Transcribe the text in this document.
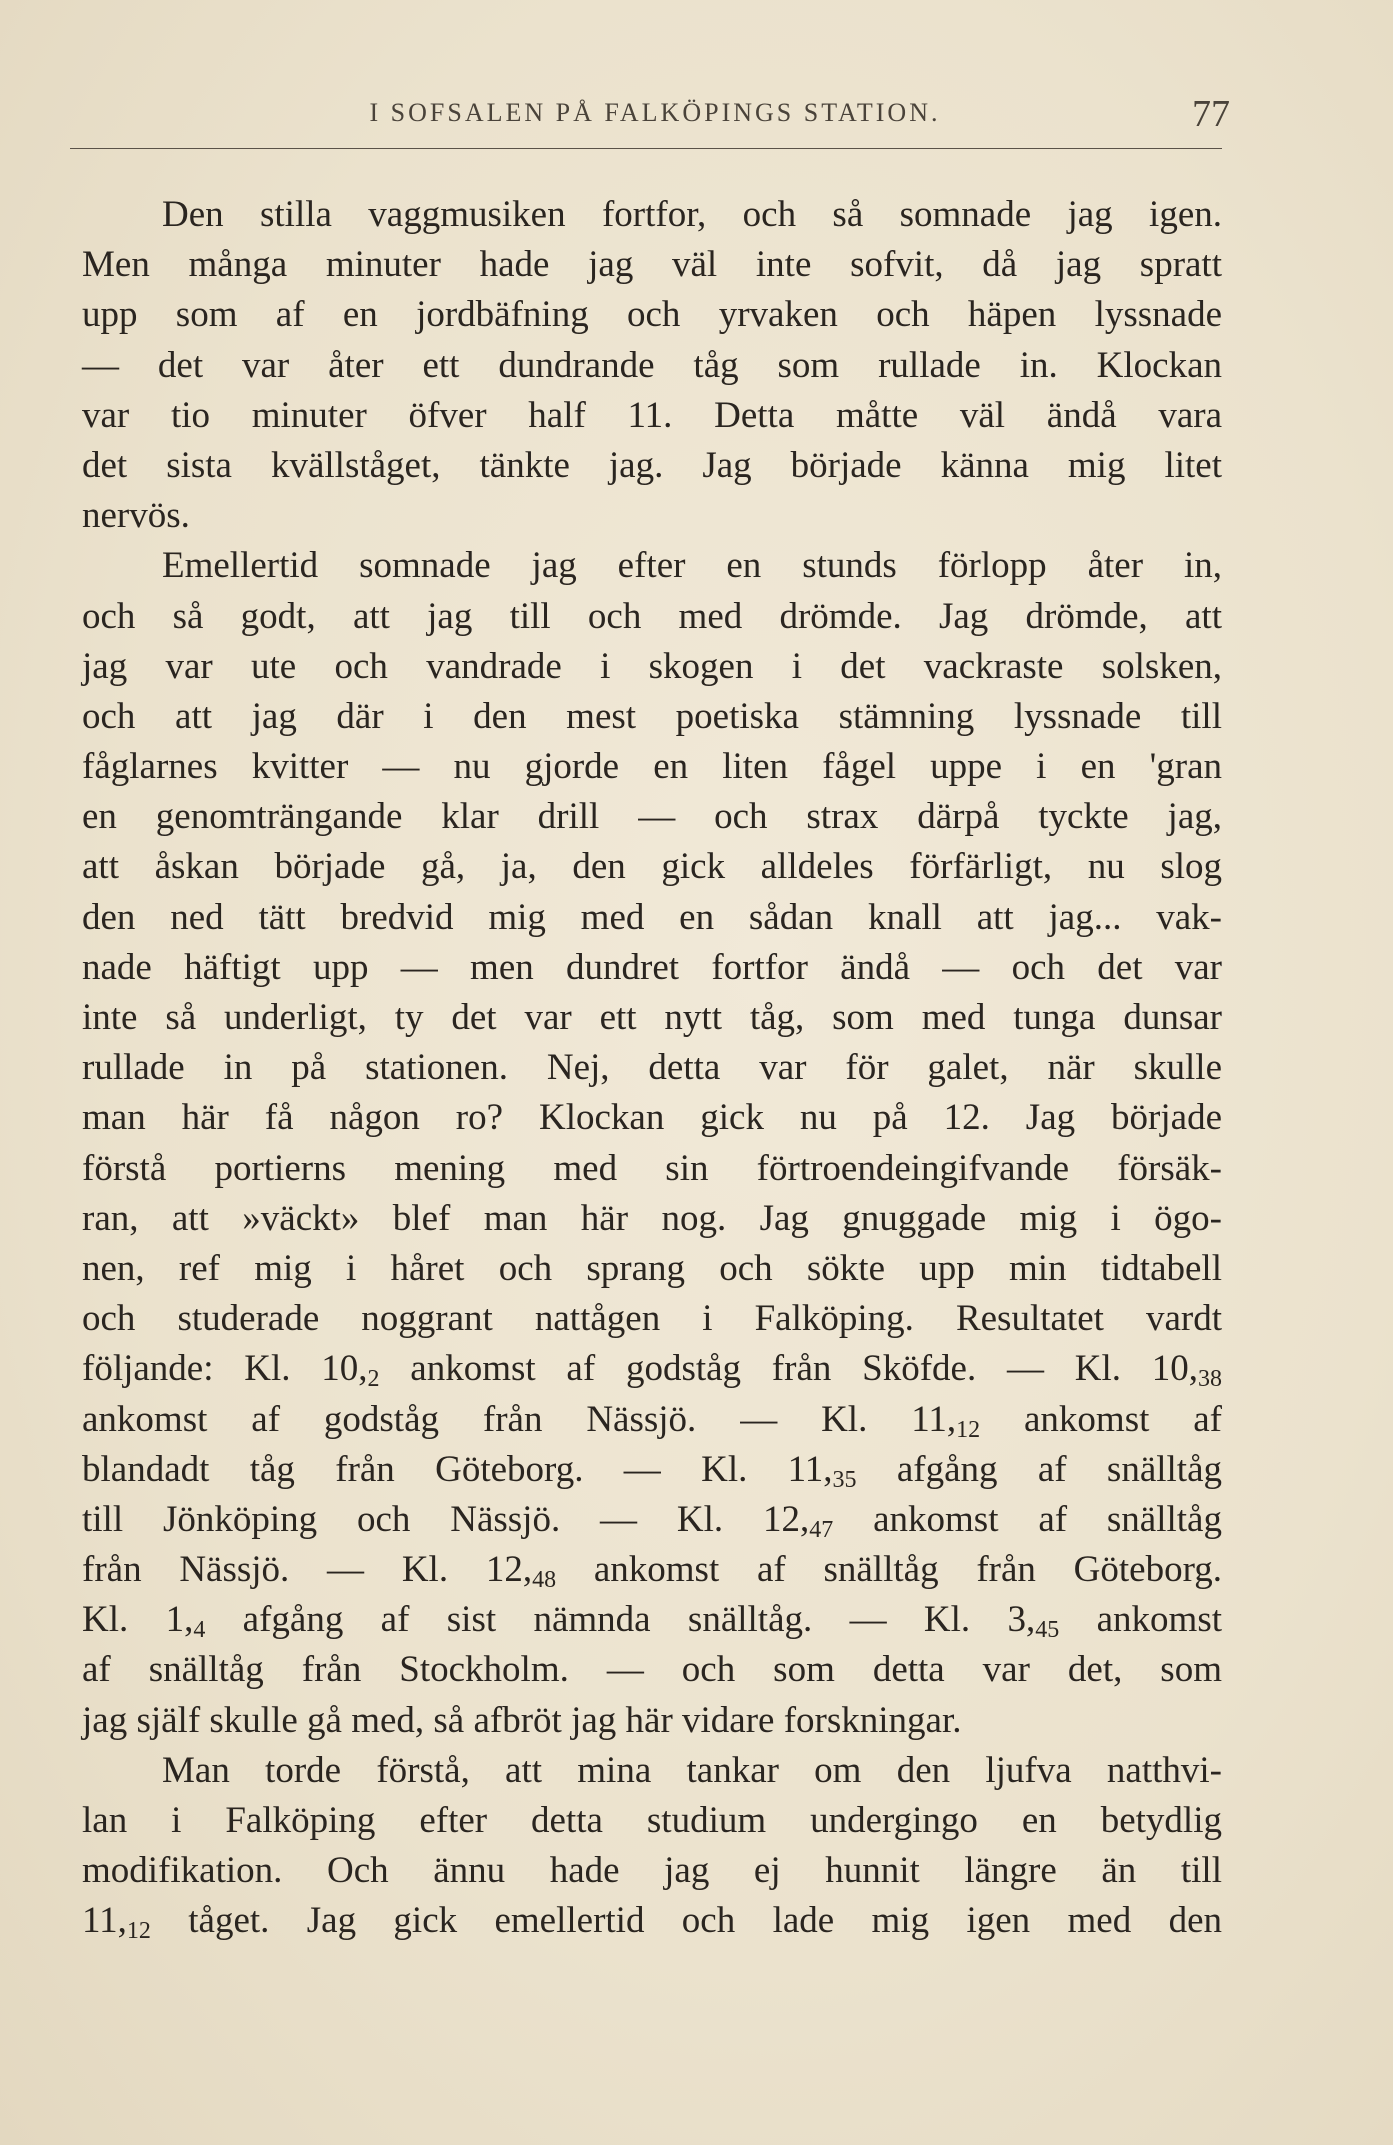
I SOFSALEN PÅ FALKÖPINGS STATION.	77
Den stilla vaggmusiken fortfor, och så somnade jag igen.
Men många minuter hade jag väl inte sofvit, då jag spratt
upp som af en jordbäfning och yrvaken och häpen lyssnade
— det var åter ett dundrande tåg som rullade in. Klockan
var tio minuter öfver half 11. Detta måtte väl ändå vara
det sista kvällståget, tänkte jag. Jag började känna mig litet
nervös.
Emellertid somnade jag efter en stunds förlopp åter in,
och så godt, att jag till och med drömde. Jag drömde, att
jag var ute och vandrade i skogen i det vackraste solsken,
och att jag där i den mest poetiska stämning lyssnade till
fåglarnes kvitter — nu gjorde en liten fågel uppe i en 'gran
en genomträngande klar drill — och strax därpå tyckte jag,
att åskan började gå, ja, den gick alldeles förfärligt, nu slog
den ned tätt bredvid mig med en sådan knall att jag... vak-
nade häftigt upp — men dundret fortfor ändå — och det var
inte så underligt, ty det var ett nytt tåg, som med tunga dunsar
rullade in på stationen. Nej, detta var för galet, när skulle
man här få någon ro? Klockan gick nu på 12. Jag började
förstå portierns mening med sin förtroendeingifvande försäk-
ran, att »väckt» blef man här nog. Jag gnuggade mig i ögo-
nen, ref mig i håret och sprang och sökte upp min tidtabell
och studerade noggrant nattågen i Falköping. Resultatet vardt
följande: Kl. $10,_2$ ankomst af godståg från Sköfde. — Kl. $10,_{38}$
ankomst af godståg från Nässjö. — Kl. $11,_{12}$ ankomst af
blandadt tåg från Göteborg. — Kl. $11,_{35}$ afgång af snälltåg
till Jönköping och Nässjö. — Kl. $12,_{47}$ ankomst af snälltåg
från Nässjö. — Kl. $12,_{48}$ ankomst af snälltåg från Göteborg.
Kl. $1,_4$ afgång af sist nämnda snälltåg. — Kl. $3,_{45}$ ankomst
af snälltåg från Stockholm. — och som detta var det, som
jag själf skulle gå med, så afbröt jag här vidare forskningar.
Man torde förstå, att mina tankar om den ljufva natthvi-
lan i Falköping efter detta studium undergingo en betydlig
modifikation. Och ännu hade jag ej hunnit längre än till
$11,_{12}$ tåget. Jag gick emellertid och lade mig igen med den
